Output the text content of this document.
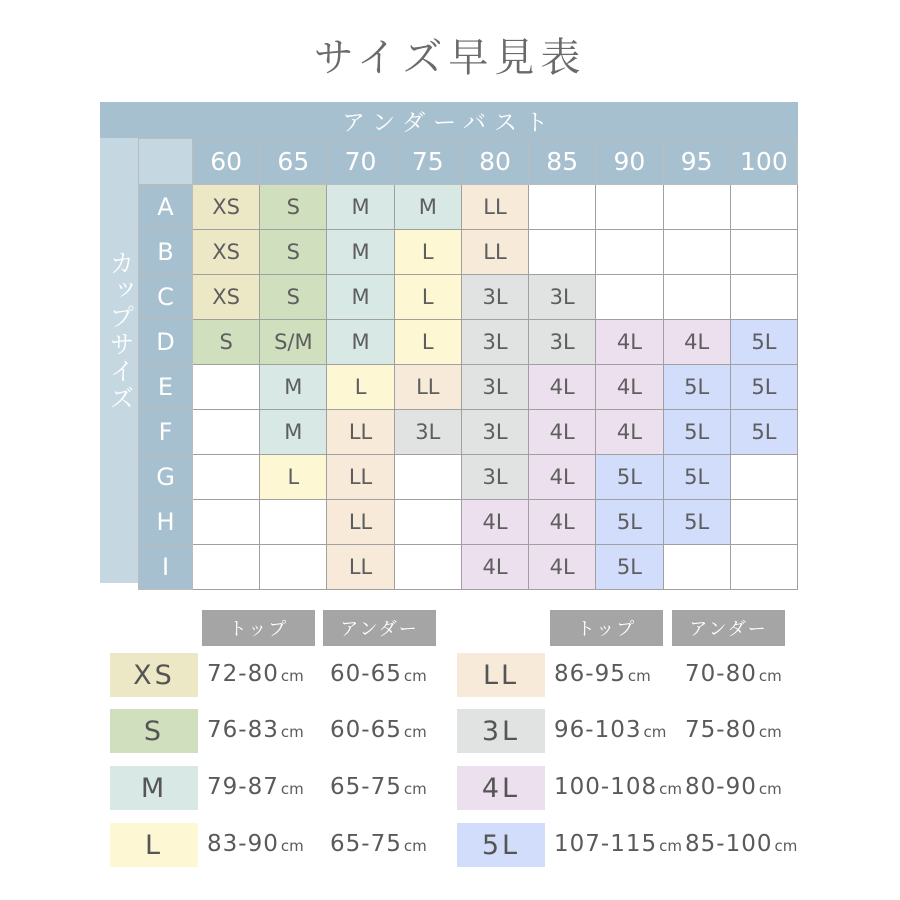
サイズ早見表
アンダーバスト
カップサイズ
	60	65	70	75	80	85	90	95	100
A	XS	S	M	M	LL				
B	XS	S	M	L	LL				
C	XS	S	M	L	3L	3L			
D	S	S/M	M	L	3L	3L	4L	4L	5L
E		M	L	LL	3L	4L	4L	5L	5L
F		M	LL	3L	3L	4L	4L	5L	5L
G		L	LL		3L	4L	5L	5L	
H			LL		4L	4L	5L	5L	
I			LL		4L	4L	5L		
トップ	アンダー
XS	72-80 cm 60-65 cm
S	76-83 cm 60-65 cm
M	79-87 cm 65-75 cm
L	83-90 cm 65-75 cm
トップ	アンダー
LL	86-95 cm 70-80 cm
3L	96-103 cm 75-80 cm
4L	100-108 cm 80-90 cm
5L	107-115 cm 85-100 cm
